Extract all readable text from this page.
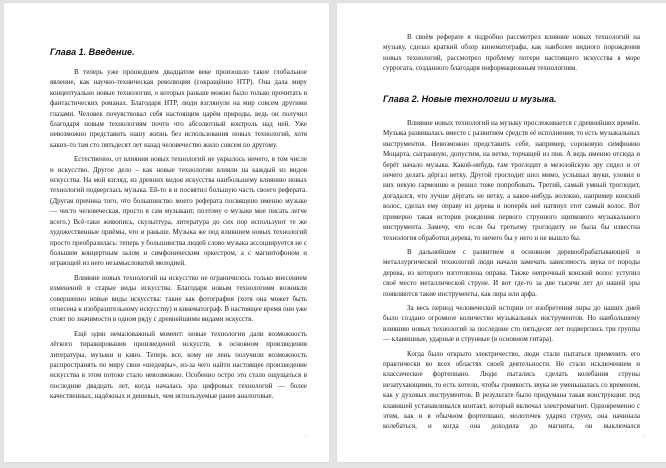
Глава 1. Введение.

В теперь уже прошедшем двадцатом веке произошло такое глобальное явление, как научно-техническая революция (сокращённо НТР). Она дала миру концептуально новые технологии, о которых раньше можно было только прочитать в фантастических романах. Благодаря НТР, люди взглянули на мир совсем другими глазами. Человек почувствовал себя настоящим царём природы, ведь он получил благодаря новым технологиям почти что абсолютный контроль над ней. Уже невозможно представить нашу жизнь без использования новых технологий, хотя каких-то там сто пятьдесят лет назад человечество жило совсем по другому.

Естественно, от влияния новых технологий не укрылось ничего, в том числе и искусство. Другое дело – как новые технологии влияли на каждый из видов искусства. На мой взгляд, из древних видов искусства наибольшему влиянию новых технологий подверглась музыка. Ей-то я и посвятил большую часть своего реферата. (Другая причина того, что большинство моего реферата посвящено именно музыке — чисто человеческая, просто я сам музыкант, поэтому о музыке мне писать легче всего.) Всё-таки живопись, скульптура, литература до сих пор используют те же художественные приёмы, что и раньше. Музыка же под влиянием новых технологий просто преобразилась: теперь у большинства людей слово музыка ассоциируется не с большим концертным залом и симфоническим оркестром, а с магнитофоном и играющей из него незамысловатой мелодией.

Влияние новых технологий на искусство не ограничилось только внесением изменений в старые виды искусства. Благодаря новым технологиям возникли совершенно новые виды искусства: такие как фотография (хотя она может быть отнесена к изобразительному искусству) и кинематограф. В настоящее время они уже стоят по значимости в одном ряду с древнейшими видами искусств.

Ещё один немаловажный момент: новые технологии дали возможность лёгкого тиражирования произведений искусств, в основном произведения литературы, музыки и кино. Теперь все, кому не лень получили возможность распространять по миру свои «шедевры», из-за чего найти настоящее произведение искусства в этом потоке стало невозможно. Особенно остро это стало ощущаться в последние двадцать лет, когда началась эра цифровых технологий — более качественных, надёжных и дешевых, чем используемые ранее аналоговые.

·

В своём реферате я подробно рассмотрел влияние новых технологий на музыку, сделал краткий обзор кинематографа, как наиболее видного порождения новых технологий, рассмотрел проблему потери настоящего искусства в море суррогата, созданного благодаря информационным технологиям.

Глава 2. Новые технологии и музыка.

Влияние новых технологий на музыку прослеживается с древнейших времён. Музыка развивалась вместе с развитием средств её исполнения, то есть музыкальных инструментов. Невозможно представить себе, например, сороковую симфонию Моцарта, сыгранную, допустим, на ветке, торчащей из пня. А ведь именно отсюда и берёт начало музыка. Какой-нибудь там троглодит в мезозойскую эру сидел и от нечего делать дёргал ветку. Другой троглодит шел мимо, услышал звуки, уловил в них некую гармонию и решил тоже попробовать. Третий, самый умный троглодит, догадался, что лучше дёргать не ветку, а какое-нибудь волокно, например конский волос, сделал ему оправу из дерева и поперёк неё натянул этот самый волос. Вот примерно такая история рождения первого струнного щипкового музыкального инструмента. Замечу, что если бы третьему троглодиту не была бы известна технология обработки дерева, то ничего бы у него и не вышло бы.

В дальнейшем с развитием в основном деревообрабатывающей и металлургической технологий люди начали замечать зависимость звука от породы дерева, из которого изготовлена оправа. Также непрочный конский волос уступил своё место металлической струне. И вот где-то за две тысячи лет до нашей эры появляются такие инструменты, как лира или арфа.

За весь период человеческой истории от изобретения лиры до наших дней было создано огромное количество музыкальных инструментов. Но наибольшему влиянию новых технологий за последние сто пятьдесят лет подверглись три группы — клавишные, ударные и струнные (в основном гитара).

Когда было открыто электричество, люди стали пытаться применить его практически во всех областях своей деятельности. Не стало исключением и классическое фортепиано. Люди пытались сделать колебания струны незатухающими, то есть хотели, чтобы громкость звука не уменьшалась со временем, как у духовых инструментов. В результате было придумана такая конструкция: под клавишей устанавливался контакт, который включал электромагнит. Одновременно с этим, как и в обычном фортепиано, молоточек ударял струну, она начинала колебаться, и когда она доходила до магнита, он выключался

·
